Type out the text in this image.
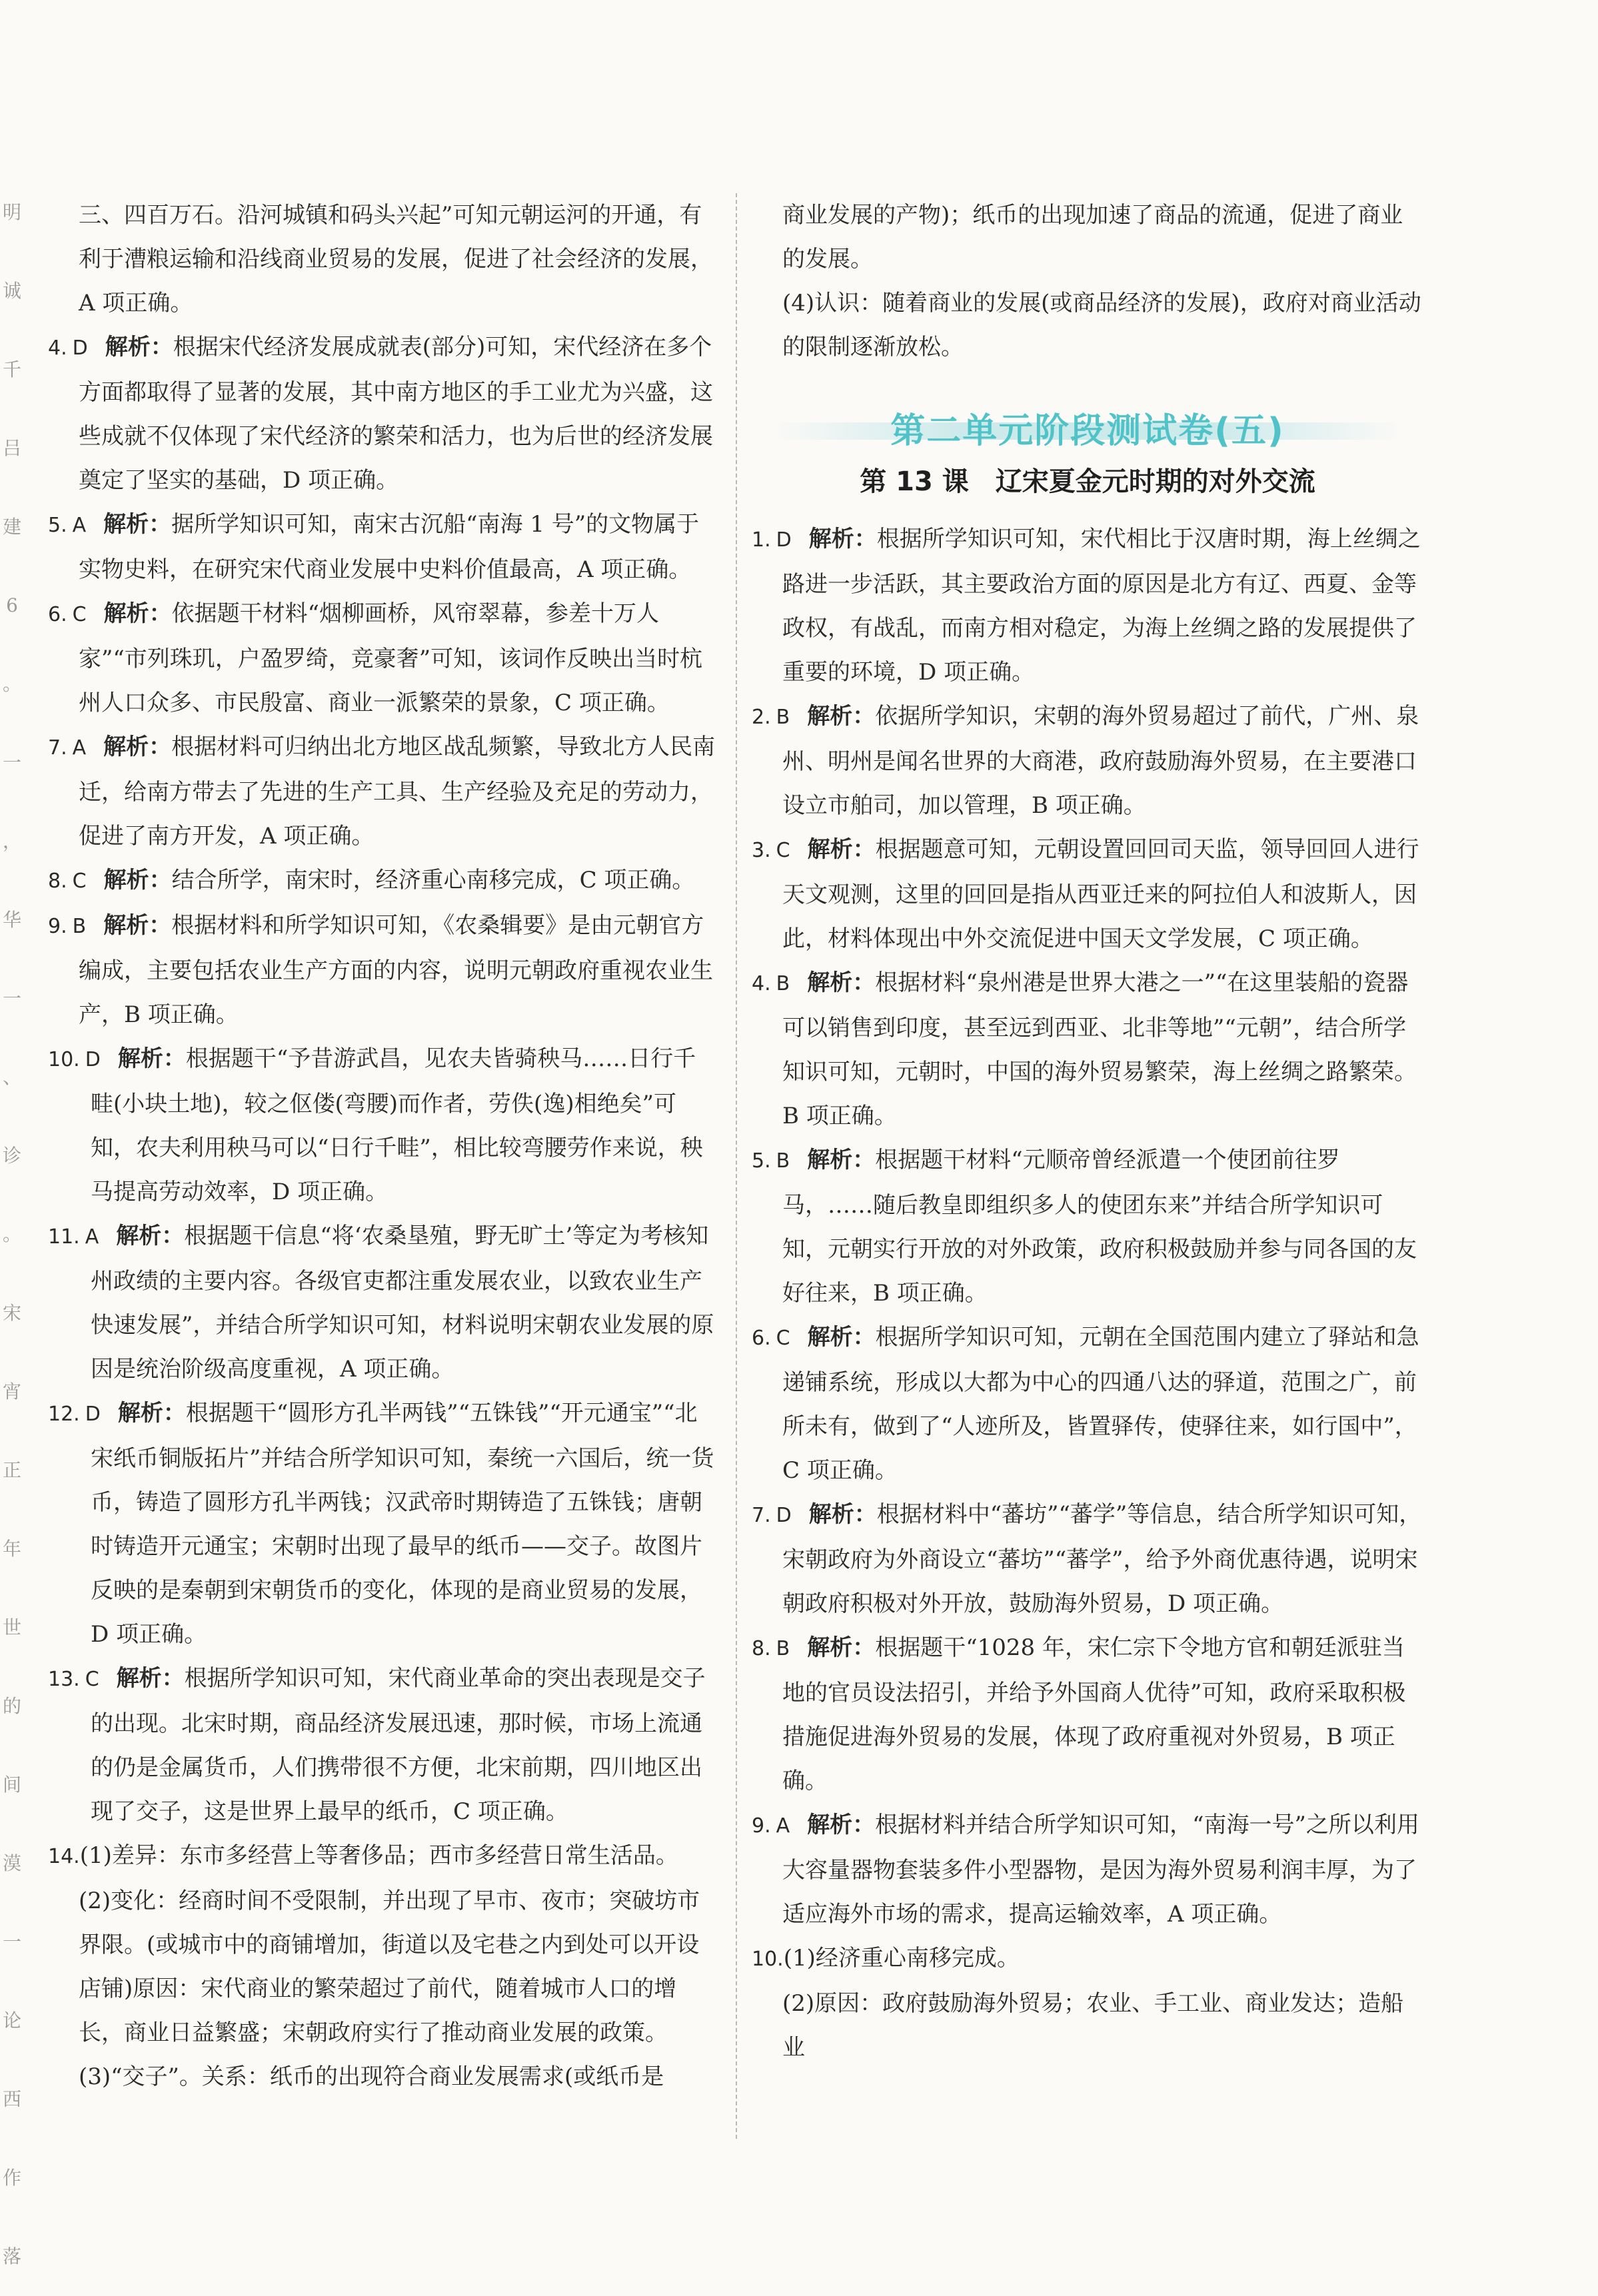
明
诚
千
吕
建
6
。
一
，
华
一
、
诊
。
宋
宵
正
年
世
的
间
漠
一
论
西
作
落

三、四百万石。沿河城镇和码头兴起”可知元朝运河的开通，有利于漕粮运输和沿线商业贸易的发展，促进了社会经济的发展，A 项正确。

4. D 解析：根据宋代经济发展成就表(部分)可知，宋代经济在多个方面都取得了显著的发展，其中南方地区的手工业尤为兴盛，这些成就不仅体现了宋代经济的繁荣和活力，也为后世的经济发展奠定了坚实的基础，D 项正确。

5. A 解析：据所学知识可知，南宋古沉船“南海 1 号”的文物属于实物史料，在研究宋代商业发展中史料价值最高，A 项正确。

6. C 解析：依据题干材料“烟柳画桥，风帘翠幕，参差十万人家”“市列珠玑，户盈罗绮，竞豪奢”可知，该词作反映出当时杭州人口众多、市民殷富、商业一派繁荣的景象，C 项正确。

7. A 解析：根据材料可归纳出北方地区战乱频繁，导致北方人民南迁，给南方带去了先进的生产工具、生产经验及充足的劳动力，促进了南方开发，A 项正确。

8. C 解析：结合所学，南宋时，经济重心南移完成，C 项正确。

9. B 解析：根据材料和所学知识可知，《农桑辑要》是由元朝官方编成，主要包括农业生产方面的内容，说明元朝政府重视农业生产，B 项正确。

10. D 解析：根据题干“予昔游武昌，见农夫皆骑秧马……日行千畦(小块土地)，较之伛偻(弯腰)而作者，劳佚(逸)相绝矣”可知，农夫利用秧马可以“日行千畦”，相比较弯腰劳作来说，秧马提高劳动效率，D 项正确。

11. A 解析：根据题干信息“将‘农桑垦殖，野无旷土’等定为考核知州政绩的主要内容。各级官吏都注重发展农业，以致农业生产快速发展”，并结合所学知识可知，材料说明宋朝农业发展的原因是统治阶级高度重视，A 项正确。

12. D 解析：根据题干“圆形方孔半两钱”“五铢钱”“开元通宝”“北宋纸币铜版拓片”并结合所学知识可知，秦统一六国后，统一货币，铸造了圆形方孔半两钱；汉武帝时期铸造了五铢钱；唐朝时铸造开元通宝；宋朝时出现了最早的纸币——交子。故图片反映的是秦朝到宋朝货币的变化，体现的是商业贸易的发展，D 项正确。

13. C 解析：根据所学知识可知，宋代商业革命的突出表现是交子的出现。北宋时期，商品经济发展迅速，那时候，市场上流通的仍是金属货币，人们携带很不方便，北宋前期，四川地区出现了交子，这是世界上最早的纸币，C 项正确。

14.(1)差异：东市多经营上等奢侈品；西市多经营日常生活品。

(2)变化：经商时间不受限制，并出现了早市、夜市；突破坊市界限。(或城市中的商铺增加，街道以及宅巷之内到处可以开设店铺)原因：宋代商业的繁荣超过了前代，随着城市人口的增长，商业日益繁盛；宋朝政府实行了推动商业发展的政策。

(3)“交子”。关系：纸币的出现符合商业发展需求(或纸币是

商业发展的产物)；纸币的出现加速了商品的流通，促进了商业的发展。

(4)认识：随着商业的发展(或商品经济的发展)，政府对商业活动的限制逐渐放松。

第二单元阶段测试卷(五)
第 13 课　辽宋夏金元时期的对外交流

1. D 解析：根据所学知识可知，宋代相比于汉唐时期，海上丝绸之路进一步活跃，其主要政治方面的原因是北方有辽、西夏、金等政权，有战乱，而南方相对稳定，为海上丝绸之路的发展提供了重要的环境，D 项正确。

2. B 解析：依据所学知识，宋朝的海外贸易超过了前代，广州、泉州、明州是闻名世界的大商港，政府鼓励海外贸易，在主要港口设立市舶司，加以管理，B 项正确。

3. C 解析：根据题意可知，元朝设置回回司天监，领导回回人进行天文观测，这里的回回是指从西亚迁来的阿拉伯人和波斯人，因此，材料体现出中外交流促进中国天文学发展，C 项正确。

4. B 解析：根据材料“泉州港是世界大港之一”“在这里装船的瓷器可以销售到印度，甚至远到西亚、北非等地”“元朝”，结合所学知识可知，元朝时，中国的海外贸易繁荣，海上丝绸之路繁荣。B 项正确。

5. B 解析：根据题干材料“元顺帝曾经派遣一个使团前往罗马，……随后教皇即组织多人的使团东来”并结合所学知识可知，元朝实行开放的对外政策，政府积极鼓励并参与同各国的友好往来，B 项正确。

6. C 解析：根据所学知识可知，元朝在全国范围内建立了驿站和急递铺系统，形成以大都为中心的四通八达的驿道，范围之广，前所未有，做到了“人迹所及，皆置驿传，使驿往来，如行国中”，C 项正确。

7. D 解析：根据材料中“蕃坊”“蕃学”等信息，结合所学知识可知，宋朝政府为外商设立“蕃坊”“蕃学”，给予外商优惠待遇，说明宋朝政府积极对外开放，鼓励海外贸易，D 项正确。

8. B 解析：根据题干“1028 年，宋仁宗下令地方官和朝廷派驻当地的官员设法招引，并给予外国商人优待”可知，政府采取积极措施促进海外贸易的发展，体现了政府重视对外贸易，B 项正确。

9. A 解析：根据材料并结合所学知识可知，“南海一号”之所以利用大容量器物套装多件小型器物，是因为海外贸易利润丰厚，为了适应海外市场的需求，提高运输效率，A 项正确。

10.(1)经济重心南移完成。

(2)原因：政府鼓励海外贸易；农业、手工业、商业发达；造船业
